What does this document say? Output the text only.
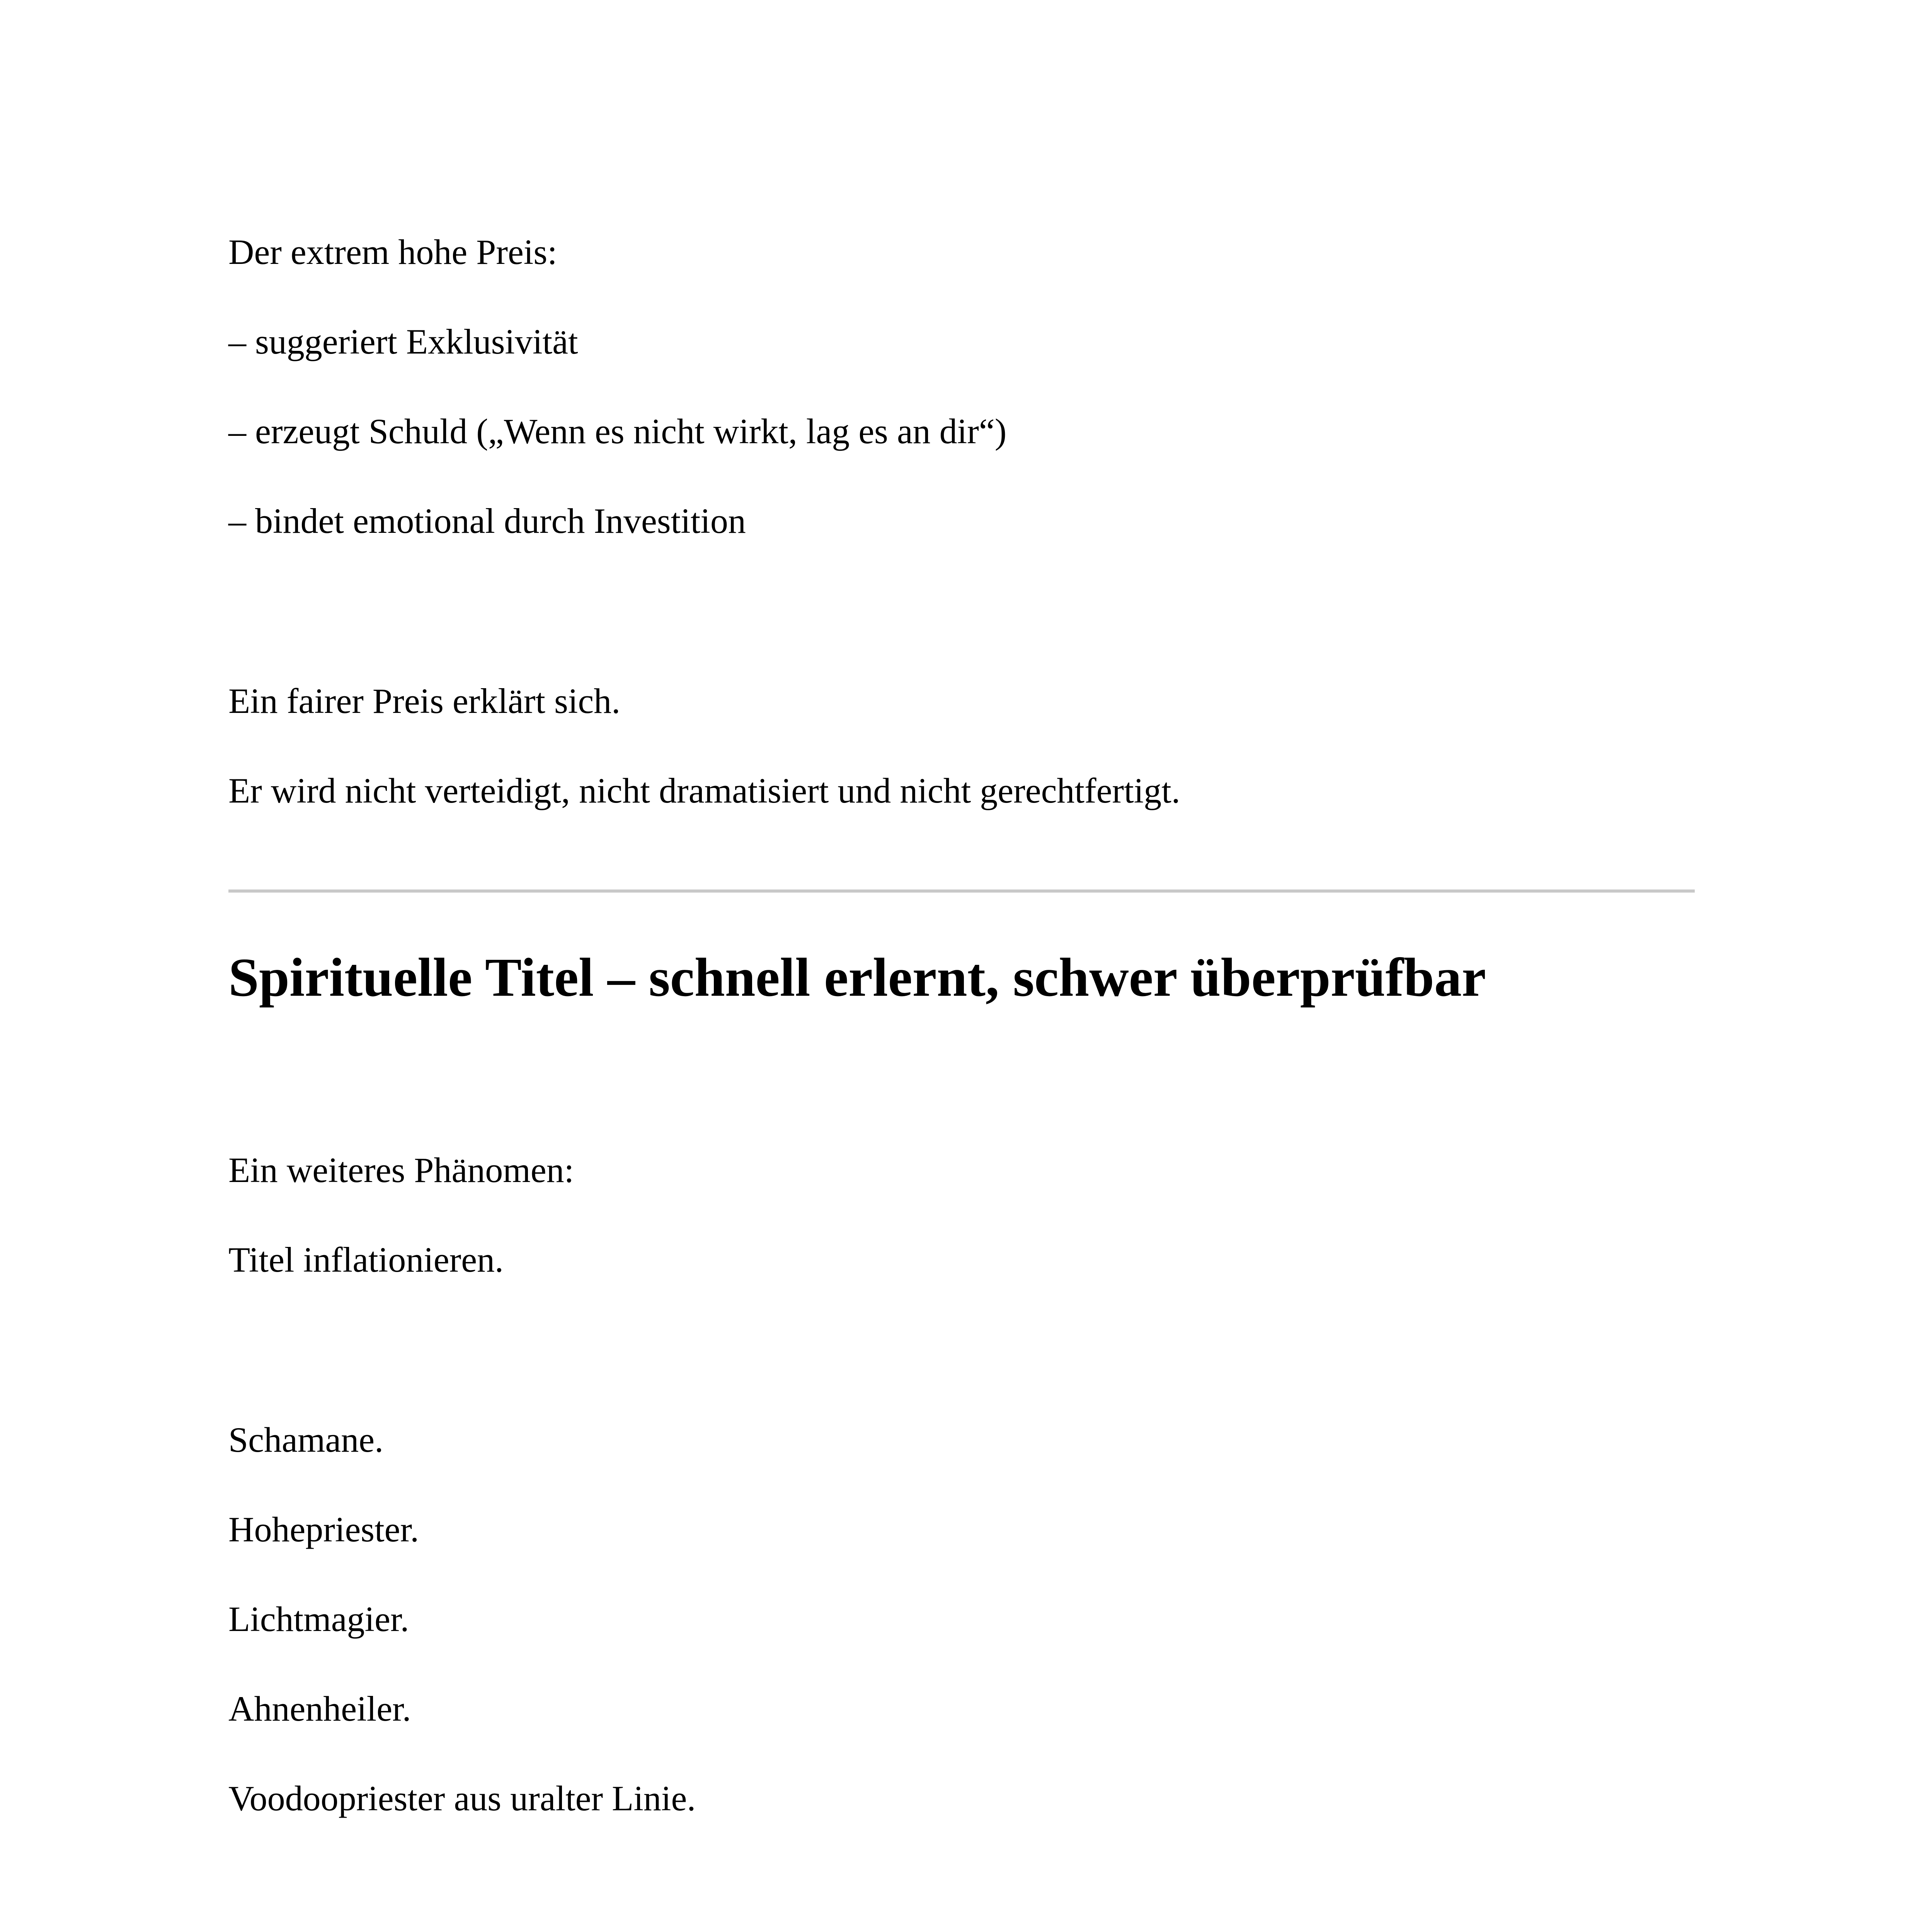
Der extrem hohe Preis:
– suggeriert Exklusivität
– erzeugt Schuld („Wenn es nicht wirkt, lag es an dir“)
– bindet emotional durch Investition
Ein fairer Preis erklärt sich.
Er wird nicht verteidigt, nicht dramatisiert und nicht gerechtfertigt.
Spirituelle Titel – schnell erlernt, schwer überprüfbar
Ein weiteres Phänomen:
Titel inflationieren.
Schamane.
Hohepriester.
Lichtmagier.
Ahnenheiler.
Voodoopriester aus uralter Linie.
